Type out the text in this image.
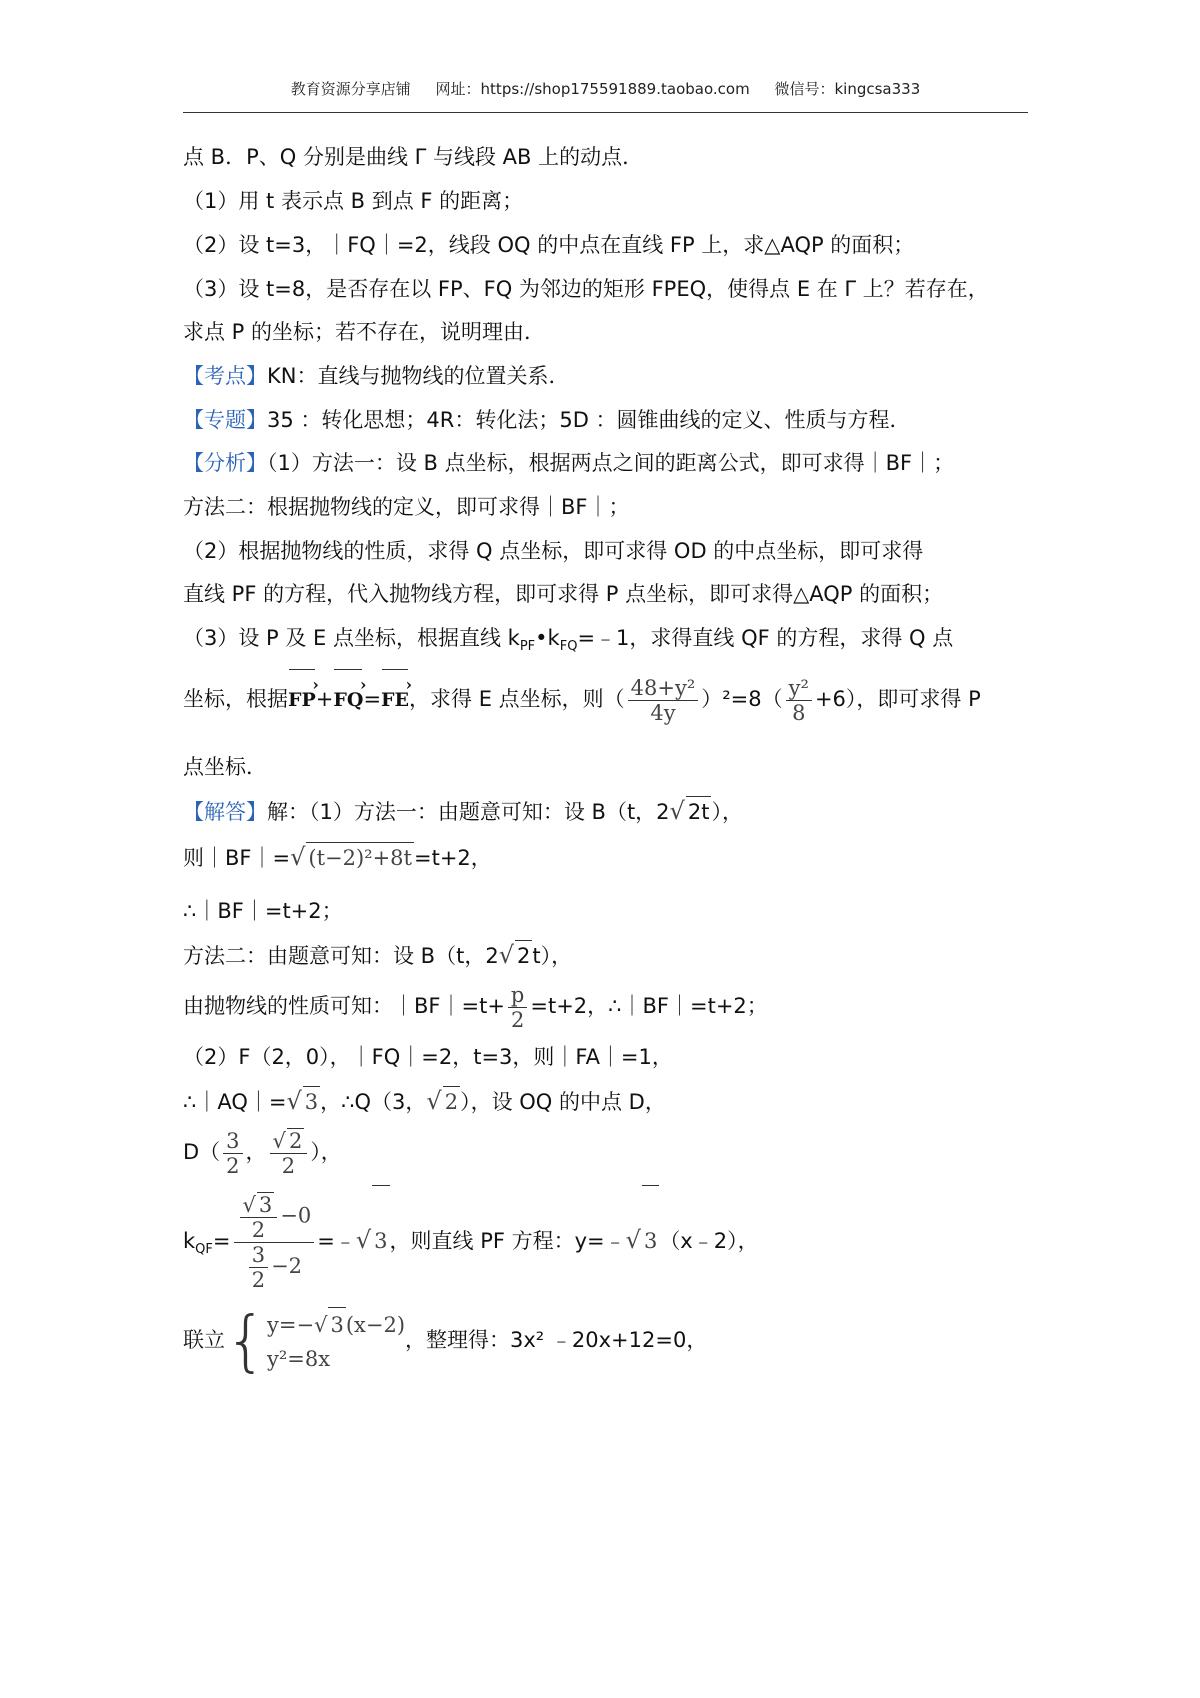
教育资源分享店铺 网址：https://shop175591889.taobao.com 微信号：kingcsa333
点 B．P、Q 分别是曲线 Γ 与线段 AB 上的动点．
（1）用 t 表示点 B 到点 F 的距离；
（2）设 t=3，｜FQ｜=2，线段 OQ 的中点在直线 FP 上，求△AQP 的面积；
（3）设 t=8，是否存在以 FP、FQ 为邻边的矩形 FPEQ，使得点 E 在 Γ 上？若存在，
求点 P 的坐标；若不存在，说明理由．
【考点】KN：直线与抛物线的位置关系．
【专题】35 ：转化思想；4R：转化法；5D ：圆锥曲线的定义、性质与方程．
【分析】（1）方法一：设 B 点坐标，根据两点之间的距离公式，即可求得｜BF｜；
方法二：根据抛物线的定义，即可求得｜BF｜；
（2）根据抛物线的性质，求得 Q 点坐标，即可求得 OD 的中点坐标，即可求得
直线 PF 的方程，代入抛物线方程，即可求得 P 点坐标，即可求得△AQP 的面积；
（3）设 P 及 E 点坐标，根据直线 $k_{PF}•k_{FQ}=﹣1$，求得直线 QF 的方程，求得 Q 点
坐标，根据FP ›+FQ ›=FE ›，求得 E 点坐标，则（ $\frac{\text{48+y²}}{4y} )^2=8( \frac{\text{y²}}{8} +6)$，即可求得 P
点坐标．
【解答】解：（1）方法一：由题意可知：设 B（t，2√ 2t），
则｜BF｜=√ (t−2)²+8t=t+2，
∴｜BF｜=t+2；
方法二：由题意可知：设 B（t，2√ 2t），
由抛物线的性质可知：｜BF｜=t+ $\frac{p}{2} =t+2$，∴｜BF｜=t+2；
（2）F（2，0），｜FQ｜=2，t=3，则｜FA｜=1，
∴｜AQ｜=√ 3，∴Q（3，√ 2），设 OQ 的中点 D，
$D( \frac{3}{2}$ ， $\frac{√ 2}{2}$ ），
$k_{QF}= \frac{\frac{√ 3}{2} -0}{\frac{3}{2} -2}$ =﹣√ 3，则直线 PF 方程：y=﹣√ 3（x﹣2），
联立{ y=−√ 3(x−2)
y²=8x
，整理得：3x² ﹣20x+12=0，
